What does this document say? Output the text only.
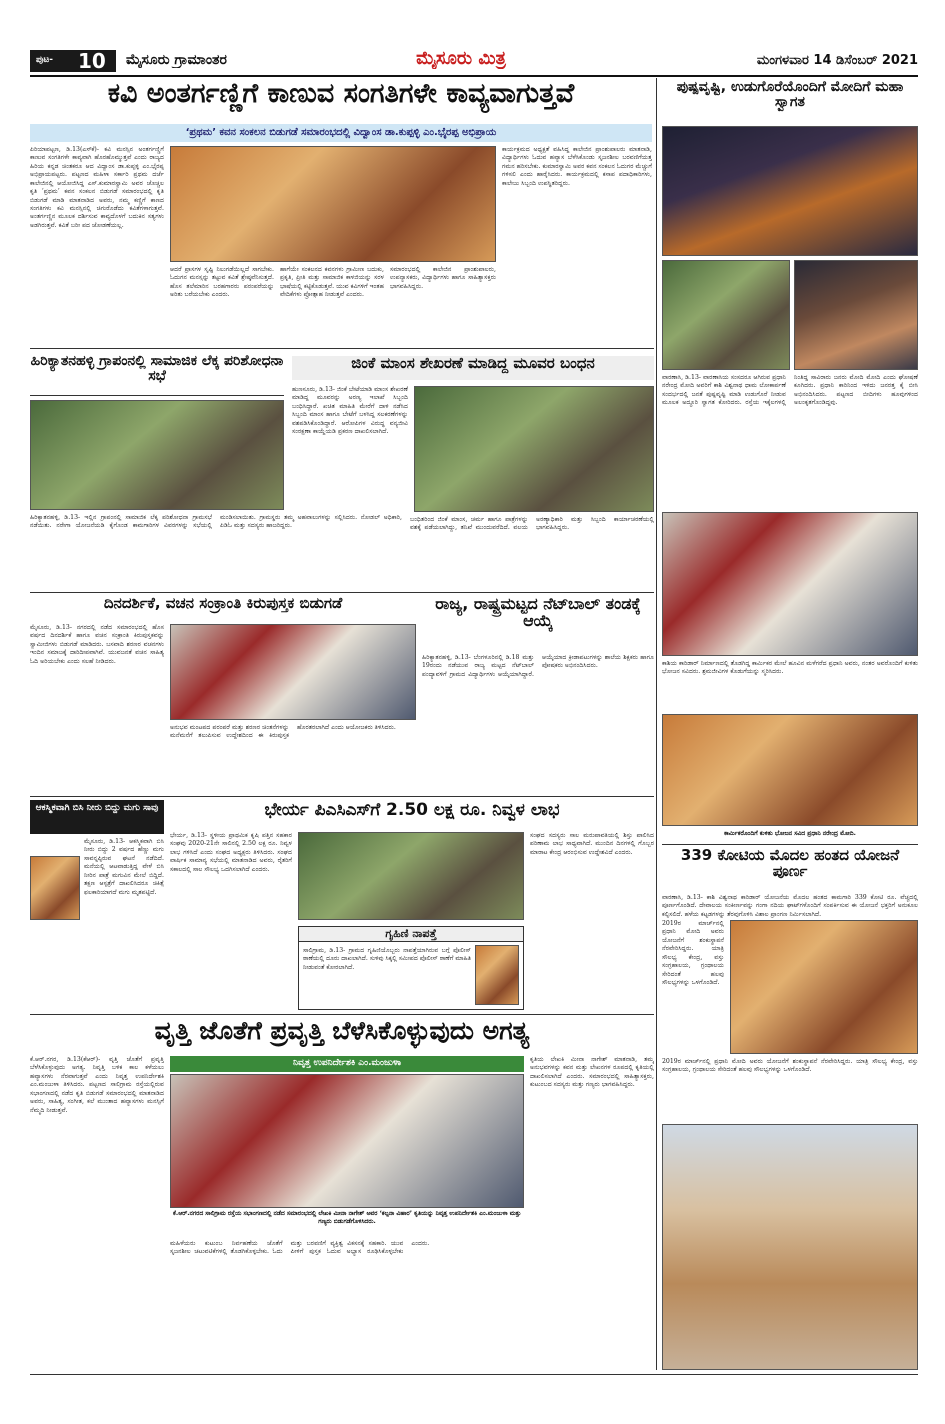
ಪುಟ- 10 ಮೈಸೂರು ಗ್ರಾಮಾಂತರ	ಮೈಸೂರು ಮಿತ್ರ	ಮಂಗಳವಾರ 14 ಡಿಸೆಂಬರ್ 2021
ಕವಿ ಅಂತರ್ಗಣ್ಣಿಗೆ ಕಾಣುವ ಸಂಗತಿಗಳೇ ಕಾವ್ಯವಾಗುತ್ತವೆ
‘ಪ್ರಥಮ’ ಕವನ ಸಂಕಲನ ಬಿಡುಗಡೆ ಸಮಾರಂಭದಲ್ಲಿ ವಿದ್ವಾಂಸ ಡಾ.ಕುಪ್ಪಳ್ಳಿ ಎಂ.ಭೈರಪ್ಪ ಅಭಿಪ್ರಾಯ
ಪಿರಿಯಾಪಟ್ಟಣ, ಡಿ.13(ಎಸ್‍ಕೆ)- ಕವಿ ಮನಸ್ಸಿನ ಅಂತರ್ಗಣ್ಣಿಗೆ ಕಾಣುವ ಸಂಗತಿಗಳೇ ಕಾವ್ಯವಾಗಿ ಹೊರಹೊಮ್ಮುತ್ತವೆ ಎಂದು ರಾಜ್ಯದ ಹಿರಿಯ ಕನ್ನಡ ಚಿಂತಕರೂ ಆದ ವಿದ್ವಾಂಸ ಡಾ.ಕುಪ್ಪಳ್ಳಿ ಎಂ.ಭೈರಪ್ಪ ಅಭಿಪ್ರಾಯಪಟ್ಟರು. ಪಟ್ಟಣದ ಮಹಿಳಾ ಸರ್ಕಾರಿ ಪ್ರಥಮ ದರ್ಜೆ ಕಾಲೇಜಿನಲ್ಲಿ ಆಯೋಜಿಸಿದ್ದ ಎಸ್.ಕುಮಾರಸ್ವಾಮಿ ಅವರ ಚೊಚ್ಚಲ ಕೃತಿ ‘ಪ್ರಥಮ’ ಕವನ ಸಂಕಲನ ಬಿಡುಗಡೆ ಸಮಾರಂಭದಲ್ಲಿ ಕೃತಿ ಬಿಡುಗಡೆ ಮಾಡಿ ಮಾತನಾಡಿದ ಅವರು, ನಮ್ಮ ಕಣ್ಣಿಗೆ ಕಾಣದ ಸಂಗತಿಗಳು ಕವಿ ಮನಸ್ಸಿನಲ್ಲಿ ಚಿಗುರೊಡೆದು ಕವಿತೆಗಳಾಗುತ್ತವೆ. ಅಂತರ್ಗಣ್ಣಿನ ಮೂಲಕ ದರ್ಶಿಸುವ ಕಾವ್ಯದೊಳಗೆ ಬದುಕಿನ ಸತ್ಯಗಳು ಅಡಗಿರುತ್ತವೆ. ಕವಿತೆ ಬರೀ ಪದ ಜೋಡಣೆಯಲ್ಲ.
ಆದರೆ ಪ್ರಾಸಗಳ ಸೃಷ್ಟಿ ನಿಲುಗಡೆಯಿಲ್ಲದೆ ಸಾಗಬೇಕು. ಓದುಗನ ಮನಸ್ಸನ್ನು ತಟ್ಟುವ ಕವಿತೆ ಶ್ರೇಷ್ಠವೆನಿಸುತ್ತದೆ. ಹೊಸ ತಲೆಮಾರಿನ ಬರಹಗಾರರು ಪರಂಪರೆಯನ್ನು ಅರಿತು ಬರೆಯಬೇಕು ಎಂದರು.
ಹಾಗೆಯೇ ಸಂಕಲನದ ಕವನಗಳು ಗ್ರಾಮೀಣ ಬದುಕು, ಪ್ರಕೃತಿ, ಪ್ರೀತಿ ಮತ್ತು ಸಾಮಾಜಿಕ ಕಾಳಜಿಯನ್ನು ಸರಳ ಭಾಷೆಯಲ್ಲಿ ಕಟ್ಟಿಕೊಡುತ್ತವೆ. ಯುವ ಕವಿಗಳಿಗೆ ಇಂತಹ ವೇದಿಕೆಗಳು ಪ್ರೋತ್ಸಾಹ ನೀಡುತ್ತವೆ ಎಂದರು.
ಸಮಾರಂಭದಲ್ಲಿ ಕಾಲೇಜಿನ ಪ್ರಾಂಶುಪಾಲರು, ಉಪನ್ಯಾಸಕರು, ವಿದ್ಯಾರ್ಥಿಗಳು ಹಾಗೂ ಸಾಹಿತ್ಯಾಸಕ್ತರು ಭಾಗವಹಿಸಿದ್ದರು.
ಕಾರ್ಯಕ್ರಮದ ಅಧ್ಯಕ್ಷತೆ ವಹಿಸಿದ್ದ ಕಾಲೇಜಿನ ಪ್ರಾಂಶುಪಾಲರು ಮಾತನಾಡಿ, ವಿದ್ಯಾರ್ಥಿಗಳು ಓದುವ ಹವ್ಯಾಸ ಬೆಳೆಸಿಕೊಂಡು ಸೃಜನಶೀಲ ಬರವಣಿಗೆಯತ್ತ ಗಮನ ಹರಿಸಬೇಕು. ಕುಮಾರಸ್ವಾಮಿ ಅವರ ಕವನ ಸಂಕಲನ ಓದುಗರ ಮೆಚ್ಚುಗೆ ಗಳಿಸಲಿ ಎಂದು ಹಾರೈಸಿದರು. ಕಾರ್ಯಕ್ರಮದಲ್ಲಿ ಕಸಾಪ ಪದಾಧಿಕಾರಿಗಳು, ಕಾಲೇಜು ಸಿಬ್ಬಂದಿ ಉಪಸ್ಥಿತರಿದ್ದರು.
ಪುಷ್ಪವೃಷ್ಟಿ, ಉಡುಗೊರೆಯೊಂದಿಗೆ ಮೋದಿಗೆ ಮಹಾ ಸ್ವಾಗತ
ವಾರಣಾಸಿ, ಡಿ.13- ವಾರಣಾಸಿಯ ಸಂಸದರೂ ಆಗಿರುವ ಪ್ರಧಾನಿ ನರೇಂದ್ರ ಮೋದಿ ಅವರಿಗೆ ಕಾಶಿ ವಿಶ್ವನಾಥ ಧಾಮ ಲೋಕಾರ್ಪಣೆ ಸಂದರ್ಭದಲ್ಲಿ ಜನತೆ ಪುಷ್ಪವೃಷ್ಟಿ ಮಾಡಿ ಉಡುಗೊರೆ ನೀಡುವ ಮೂಲಕ ಅದ್ಧೂರಿ ಸ್ವಾಗತ ಕೋರಿದರು. ರಸ್ತೆಯ ಇಕ್ಕೆಲಗಳಲ್ಲಿ ನಿಂತಿದ್ದ ಸಾವಿರಾರು ಜನರು ಮೋದಿ ಮೋದಿ ಎಂದು ಘೋಷಣೆ ಕೂಗಿದರು. ಪ್ರಧಾನಿ ಕಾರಿನಿಂದ ಇಳಿದು ಜನರತ್ತ ಕೈ ಬೀಸಿ ಅಭಿನಂದಿಸಿದರು. ಪಟ್ಟಣದ ಬೀದಿಗಳು ಹೂವುಗಳಿಂದ ಅಲಂಕೃತಗೊಂಡಿದ್ದವು.
ಕಾಶಿಯ ಕಾರಿಡಾರ್ ನಿರ್ಮಾಣದಲ್ಲಿ ತೊಡಗಿದ್ದ ಕಾರ್ಮಿಕರ ಮೇಲೆ ಹೂವಿನ ಮಳೆಗರೆದ ಪ್ರಧಾನಿ ಅವರು, ನಂತರ ಅವರೊಂದಿಗೆ ಕುಳಿತು ಭೋಜನ ಸವಿದರು. ಶ್ರಮಜೀವಿಗಳ ಕೊಡುಗೆಯನ್ನು ಸ್ಮರಿಸಿದರು.
ಕಾರ್ಮಿಕರೊಂದಿಗೆ ಕುಳಿತು ಭೋಜನ ಸವಿದ ಪ್ರಧಾನಿ ನರೇಂದ್ರ ಮೋದಿ.
339 ಕೋಟಿಯ ಮೊದಲ ಹಂತದ ಯೋಜನೆ ಪೂರ್ಣ
ವಾರಣಾಸಿ, ಡಿ.13- ಕಾಶಿ ವಿಶ್ವನಾಥ ಕಾರಿಡಾರ್ ಯೋಜನೆಯ ಮೊದಲ ಹಂತದ ಕಾಮಗಾರಿ 339 ಕೋಟಿ ರೂ. ವೆಚ್ಚದಲ್ಲಿ ಪೂರ್ಣಗೊಂಡಿದೆ. ದೇವಾಲಯ ಸಂಕೀರ್ಣವನ್ನು ಗಂಗಾ ನದಿಯ ಘಾಟ್‍ಗಳೊಂದಿಗೆ ಸಂಪರ್ಕಿಸುವ ಈ ಯೋಜನೆ ಭಕ್ತರಿಗೆ ಅನುಕೂಲ ಕಲ್ಪಿಸಲಿದೆ. ಹಳೆಯ ಕಟ್ಟಡಗಳನ್ನು ತೆರವುಗೊಳಿಸಿ ವಿಶಾಲ ಪ್ರಾಂಗಣ ನಿರ್ಮಿಸಲಾಗಿದೆ.
2019ರ ಮಾರ್ಚ್‍ನಲ್ಲಿ ಪ್ರಧಾನಿ ಮೋದಿ ಅವರು ಯೋಜನೆಗೆ ಶಂಕುಸ್ಥಾಪನೆ ನೆರವೇರಿಸಿದ್ದರು. ಯಾತ್ರಿ ಸೌಲಭ್ಯ ಕೇಂದ್ರ, ವಸ್ತು ಸಂಗ್ರಹಾಲಯ, ಗ್ರಂಥಾಲಯ ಸೇರಿದಂತೆ ಹಲವು ಸೌಲಭ್ಯಗಳನ್ನು ಒಳಗೊಂಡಿದೆ.
2019ರ ಮಾರ್ಚ್‍ನಲ್ಲಿ ಪ್ರಧಾನಿ ಮೋದಿ ಅವರು ಯೋಜನೆಗೆ ಶಂಕುಸ್ಥಾಪನೆ ನೆರವೇರಿಸಿದ್ದರು. ಯಾತ್ರಿ ಸೌಲಭ್ಯ ಕೇಂದ್ರ, ವಸ್ತು ಸಂಗ್ರಹಾಲಯ, ಗ್ರಂಥಾಲಯ ಸೇರಿದಂತೆ ಹಲವು ಸೌಲಭ್ಯಗಳನ್ನು ಒಳಗೊಂಡಿದೆ.
ಹಿರಿಕ್ಯಾತನಹಳ್ಳಿ ಗ್ರಾಪಂನಲ್ಲಿ ಸಾಮಾಜಿಕ ಲೆಕ್ಕ ಪರಿಶೋಧನಾ ಸಭೆ
ಹಿರಿಕ್ಯಾತನಹಳ್ಳಿ, ಡಿ.13- ಇಲ್ಲಿನ ಗ್ರಾಪಂನಲ್ಲಿ ಸಾಮಾಜಿಕ ಲೆಕ್ಕ ಪರಿಶೋಧನಾ ಗ್ರಾಮಸಭೆ ನಡೆಯಿತು. ನರೇಗಾ ಯೋಜನೆಯಡಿ ಕೈಗೊಂಡ ಕಾಮಗಾರಿಗಳ ವಿವರಗಳನ್ನು ಸಭೆಯಲ್ಲಿ ಮಂಡಿಸಲಾಯಿತು. ಗ್ರಾಮಸ್ಥರು ತಮ್ಮ ಅಹವಾಲುಗಳನ್ನು ಸಲ್ಲಿಸಿದರು. ನೋಡಲ್ ಅಧಿಕಾರಿ, ಪಿಡಿಓ ಮತ್ತು ಸದಸ್ಯರು ಹಾಜರಿದ್ದರು.
ಜಿಂಕೆ ಮಾಂಸ ಶೇಖರಣೆ ಮಾಡಿದ್ದ ಮೂವರ ಬಂಧನ
ಹುಣಸೂರು, ಡಿ.13- ಜಿಂಕೆ ಬೇಟೆಯಾಡಿ ಮಾಂಸ ಶೇಖರಣೆ ಮಾಡಿದ್ದ ಮೂವರನ್ನು ಅರಣ್ಯ ಇಲಾಖೆ ಸಿಬ್ಬಂದಿ ಬಂಧಿಸಿದ್ದಾರೆ. ಖಚಿತ ಮಾಹಿತಿ ಮೇರೆಗೆ ದಾಳಿ ನಡೆಸಿದ ಸಿಬ್ಬಂದಿ ಮಾಂಸ ಹಾಗೂ ಬೇಟೆಗೆ ಬಳಸಿದ್ದ ಸಲಕರಣೆಗಳನ್ನು ವಶಪಡಿಸಿಕೊಂಡಿದ್ದಾರೆ. ಆರೋಪಿಗಳ ವಿರುದ್ಧ ವನ್ಯಜೀವಿ ಸಂರಕ್ಷಣಾ ಕಾಯ್ದೆಯಡಿ ಪ್ರಕರಣ ದಾಖಲಿಸಲಾಗಿದೆ.
ಬಂಧಿತರಿಂದ ಜಿಂಕೆ ಮಾಂಸ, ಚರ್ಮ ಹಾಗೂ ಪಾತ್ರೆಗಳನ್ನು ವಶಕ್ಕೆ ಪಡೆಯಲಾಗಿದ್ದು, ತನಿಖೆ ಮುಂದುವರೆದಿದೆ. ವಲಯ ಅರಣ್ಯಾಧಿಕಾರಿ ಮತ್ತು ಸಿಬ್ಬಂದಿ ಕಾರ್ಯಾಚರಣೆಯಲ್ಲಿ ಭಾಗವಹಿಸಿದ್ದರು.
ದಿನದರ್ಶಿಕೆ, ವಚನ ಸಂಕ್ರಾಂತಿ ಕಿರುಪುಸ್ತಕ ಬಿಡುಗಡೆ
ಮೈಸೂರು, ಡಿ.13- ನಗರದಲ್ಲಿ ನಡೆದ ಸಮಾರಂಭದಲ್ಲಿ ಹೊಸ ವರ್ಷದ ದಿನದರ್ಶಿಕೆ ಹಾಗೂ ವಚನ ಸಂಕ್ರಾಂತಿ ಕಿರುಪುಸ್ತಕವನ್ನು ಸ್ವಾಮೀಜಿಗಳು ಬಿಡುಗಡೆ ಮಾಡಿದರು. ಬಸವಾದಿ ಶರಣರ ವಚನಗಳು ಇಂದಿನ ಸಮಾಜಕ್ಕೆ ದಾರಿದೀಪವಾಗಿವೆ. ಯುವಜನತೆ ವಚನ ಸಾಹಿತ್ಯ ಓದಿ ಅರಿಯಬೇಕು ಎಂದು ಸಲಹೆ ನೀಡಿದರು.
ಅನುಭವ ಮಂಟಪದ ಪರಂಪರೆ ಮತ್ತು ಶರಣರ ಚಿಂತನೆಗಳನ್ನು ಮನೆಮನೆಗೆ ತಲುಪಿಸುವ ಉದ್ದೇಶದಿಂದ ಈ ಕಿರುಪುಸ್ತಕ ಹೊರತರಲಾಗಿದೆ ಎಂದು ಆಯೋಜಕರು ತಿಳಿಸಿದರು.
ರಾಜ್ಯ, ರಾಷ್ಟ್ರಮಟ್ಟದ ನೆಟ್‍ಬಾಲ್ ತಂಡಕ್ಕೆ ಆಯ್ಕೆ
ಹಿರಿಕ್ಯಾತನಹಳ್ಳಿ, ಡಿ.13- ಬೆಂಗಳೂರಿನಲ್ಲಿ ಡಿ.18 ಮತ್ತು 19ರಂದು ನಡೆಯುವ ರಾಜ್ಯ ಮಟ್ಟದ ನೆಟ್‍ಬಾಲ್ ಪಂದ್ಯಾವಳಿಗೆ ಗ್ರಾಮದ ವಿದ್ಯಾರ್ಥಿಗಳು ಆಯ್ಕೆಯಾಗಿದ್ದಾರೆ. ಆಯ್ಕೆಯಾದ ಕ್ರೀಡಾಪಟುಗಳನ್ನು ಶಾಲೆಯ ಶಿಕ್ಷಕರು ಹಾಗೂ ಪೋಷಕರು ಅಭಿನಂದಿಸಿದರು.
ಆಕಸ್ಮಿಕವಾಗಿ ಬಿಸಿ ನೀರು ಬಿದ್ದು ಮಗು ಸಾವು
ಮೈಸೂರು, ಡಿ.13- ಆಕಸ್ಮಿಕವಾಗಿ ಬಿಸಿ ನೀರು ಬಿದ್ದು 2 ವರ್ಷದ ಹೆಣ್ಣು ಮಗು ಸಾವನ್ನಪ್ಪಿರುವ ಘಟನೆ ನಡೆದಿದೆ. ಮನೆಯಲ್ಲಿ ಆಟವಾಡುತ್ತಿದ್ದ ವೇಳೆ ಬಿಸಿ ನೀರಿನ ಪಾತ್ರೆ ಮಗುವಿನ ಮೇಲೆ ಬಿದ್ದಿದೆ. ತಕ್ಷಣ ಆಸ್ಪತ್ರೆಗೆ ದಾಖಲಿಸಿದರೂ ಚಿಕಿತ್ಸೆ ಫಲಕಾರಿಯಾಗದೆ ಮಗು ಮೃತಪಟ್ಟಿದೆ.
ಭೇರ್ಯ ಪಿಎಸಿಎಸ್‍ಗೆ 2.50 ಲಕ್ಷ ರೂ. ನಿವ್ವಳ ಲಾಭ
ಭೇರ್ಯ, ಡಿ.13- ಸ್ಥಳೀಯ ಪ್ರಾಥಮಿಕ ಕೃಷಿ ಪತ್ತಿನ ಸಹಕಾರ ಸಂಘವು 2020-21ನೇ ಸಾಲಿನಲ್ಲಿ 2.50 ಲಕ್ಷ ರೂ. ನಿವ್ವಳ ಲಾಭ ಗಳಿಸಿದೆ ಎಂದು ಸಂಘದ ಅಧ್ಯಕ್ಷರು ತಿಳಿಸಿದರು. ಸಂಘದ ವಾರ್ಷಿಕ ಸಾಮಾನ್ಯ ಸಭೆಯಲ್ಲಿ ಮಾತನಾಡಿದ ಅವರು, ರೈತರಿಗೆ ಸಕಾಲದಲ್ಲಿ ಸಾಲ ಸೌಲಭ್ಯ ಒದಗಿಸಲಾಗಿದೆ ಎಂದರು.
ಸಂಘದ ಸದಸ್ಯರು ಸಾಲ ಮರುಪಾವತಿಯಲ್ಲಿ ಶಿಸ್ತು ಪಾಲಿಸಿದ ಪರಿಣಾಮ ಲಾಭ ಸಾಧ್ಯವಾಗಿದೆ. ಮುಂದಿನ ದಿನಗಳಲ್ಲಿ ಗೊಬ್ಬರ ಮಾರಾಟ ಕೇಂದ್ರ ಆರಂಭಿಸುವ ಉದ್ದೇಶವಿದೆ ಎಂದರು.
ಗೃಹಿಣಿ ನಾಪತ್ತೆ
ಸಾಲಿಗ್ರಾಮ, ಡಿ.13- ಗ್ರಾಮದ ಗೃಹಿಣಿಯೊಬ್ಬರು ನಾಪತ್ತೆಯಾಗಿರುವ ಬಗ್ಗೆ ಪೊಲೀಸ್ ಠಾಣೆಯಲ್ಲಿ ದೂರು ದಾಖಲಾಗಿದೆ. ಸುಳಿವು ಸಿಕ್ಕಲ್ಲಿ ಸಮೀಪದ ಪೊಲೀಸ್ ಠಾಣೆಗೆ ಮಾಹಿತಿ ನೀಡುವಂತೆ ಕೋರಲಾಗಿದೆ.
ವೃತ್ತಿ ಜೊತೆಗೆ ಪ್ರವೃತ್ತಿ ಬೆಳೆಸಿಕೊಳ್ಳುವುದು ಅಗತ್ಯ
ಕೆ.ಆರ್.ನಗರ, ಡಿ.13(ಕೆಆರ್)- ವೃತ್ತಿ ಜೊತೆಗೆ ಪ್ರವೃತ್ತಿ ಬೆಳೆಸಿಕೊಳ್ಳುವುದು ಅಗತ್ಯ. ನಿವೃತ್ತಿ ಬಳಿಕ ಕಾಲ ಕಳೆಯಲು ಹವ್ಯಾಸಗಳು ನೆರವಾಗುತ್ತವೆ ಎಂದು ನಿವೃತ್ತ ಉಪನಿರ್ದೇಶಕಿ ಎಂ.ಮಂಜುಳಾ ತಿಳಿಸಿದರು. ಪಟ್ಟಣದ ಸಾಲಿಗ್ರಾಮ ರಸ್ತೆಯಲ್ಲಿರುವ ಸಭಾಂಗಣದಲ್ಲಿ ನಡೆದ ಕೃತಿ ಬಿಡುಗಡೆ ಸಮಾರಂಭದಲ್ಲಿ ಮಾತನಾಡಿದ ಅವರು, ಸಾಹಿತ್ಯ, ಸಂಗೀತ, ಕಲೆ ಮುಂತಾದ ಹವ್ಯಾಸಗಳು ಮನಸ್ಸಿಗೆ ನೆಮ್ಮದಿ ನೀಡುತ್ತವೆ.
ನಿವೃತ್ತ ಉಪನಿರ್ದೇಶಕಿ ಎಂ.ಮಂಜುಳಾ
ಕೆ.ಆರ್.ನಗರದ ಸಾಲಿಗ್ರಾಮ ರಸ್ತೆಯ ಸಭಾಂಗಣದಲ್ಲಿ ನಡೆದ ಸಮಾರಂಭದಲ್ಲಿ ಲೇಖಕಿ ಮೀನಾ ನಾಗೇಶ್ ಅವರ ‘ಕಲ್ಪನಾ ವಿಹಾರ’ ಕೃತಿಯನ್ನು ನಿವೃತ್ತ ಉಪನಿರ್ದೇಶಕಿ ಎಂ.ಮಂಜುಳಾ ಮತ್ತು ಗಣ್ಯರು ಬಿಡುಗಡೆಗೊಳಿಸಿದರು.
ಮಹಿಳೆಯರು ಕುಟುಂಬ ನಿರ್ವಹಣೆಯ ಜೊತೆಗೆ ಸೃಜನಶೀಲ ಚಟುವಟಿಕೆಗಳಲ್ಲಿ ತೊಡಗಿಕೊಳ್ಳಬೇಕು. ಓದು ಮತ್ತು ಬರವಣಿಗೆ ವ್ಯಕ್ತಿತ್ವ ವಿಕಸನಕ್ಕೆ ಸಹಕಾರಿ. ಯುವ ಪೀಳಿಗೆ ಪುಸ್ತಕ ಓದುವ ಅಭ್ಯಾಸ ರೂಢಿಸಿಕೊಳ್ಳಬೇಕು ಎಂದರು.
ಕೃತಿಯ ಲೇಖಕಿ ಮೀನಾ ನಾಗೇಶ್ ಮಾತನಾಡಿ, ತಮ್ಮ ಅನುಭವಗಳನ್ನು ಕವನ ಮತ್ತು ಲೇಖನಗಳ ರೂಪದಲ್ಲಿ ಕೃತಿಯಲ್ಲಿ ದಾಖಲಿಸಲಾಗಿದೆ ಎಂದರು. ಸಮಾರಂಭದಲ್ಲಿ ಸಾಹಿತ್ಯಾಸಕ್ತರು, ಕುಟುಂಬದ ಸದಸ್ಯರು ಮತ್ತು ಗಣ್ಯರು ಭಾಗವಹಿಸಿದ್ದರು.
